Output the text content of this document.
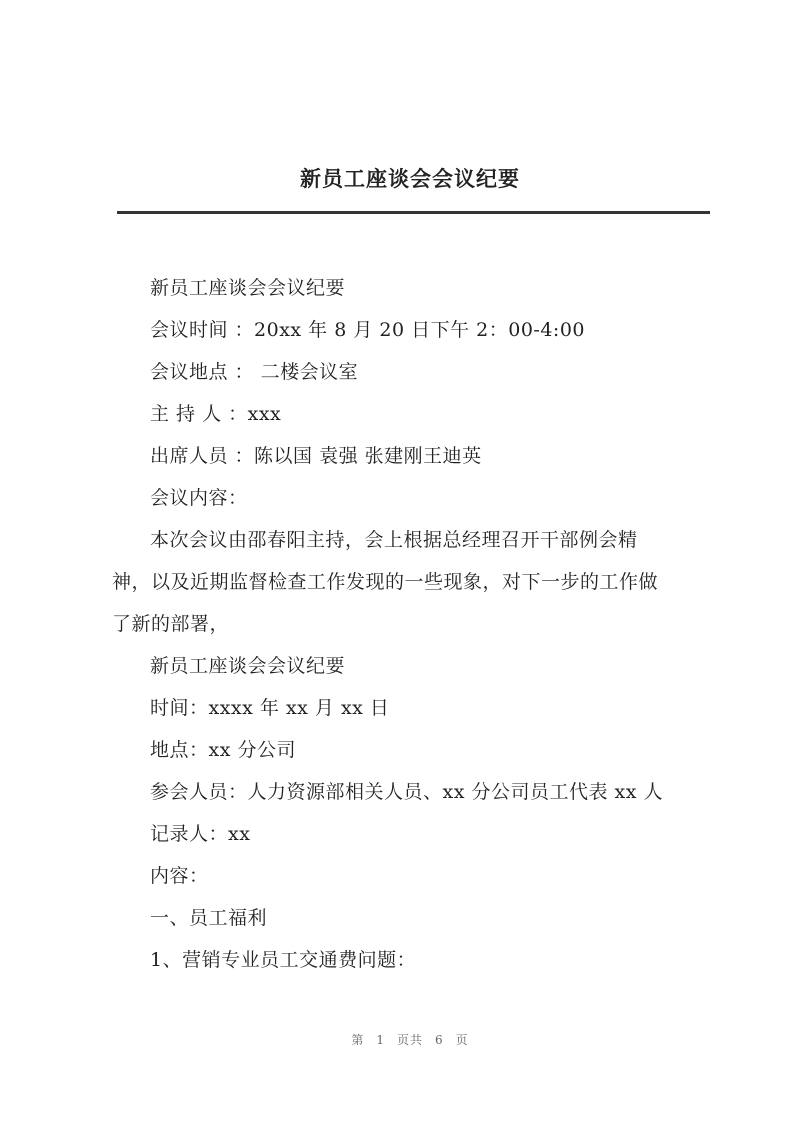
新员工座谈会会议纪要
新员工座谈会会议纪要
会议时间 ：20xx 年 8 月 20 日下午 2：00-4:00
会议地点 ： 二楼会议室
主 持 人 ：xxx
出席人员 ：陈以国 袁强 张建刚王迪英
会议内容：
本次会议由邵春阳主持，会上根据总经理召开干部例会精
神，以及近期监督检查工作发现的一些现象，对下一步的工作做
了新的部署，
新员工座谈会会议纪要
时间：xxxx 年 xx 月 xx 日
地点：xx 分公司
参会人员：人力资源部相关人员、xx 分公司员工代表 xx 人
记录人：xx
内容：
一、员工福利
1、营销专业员工交通费问题：
第 1 页共 6 页
